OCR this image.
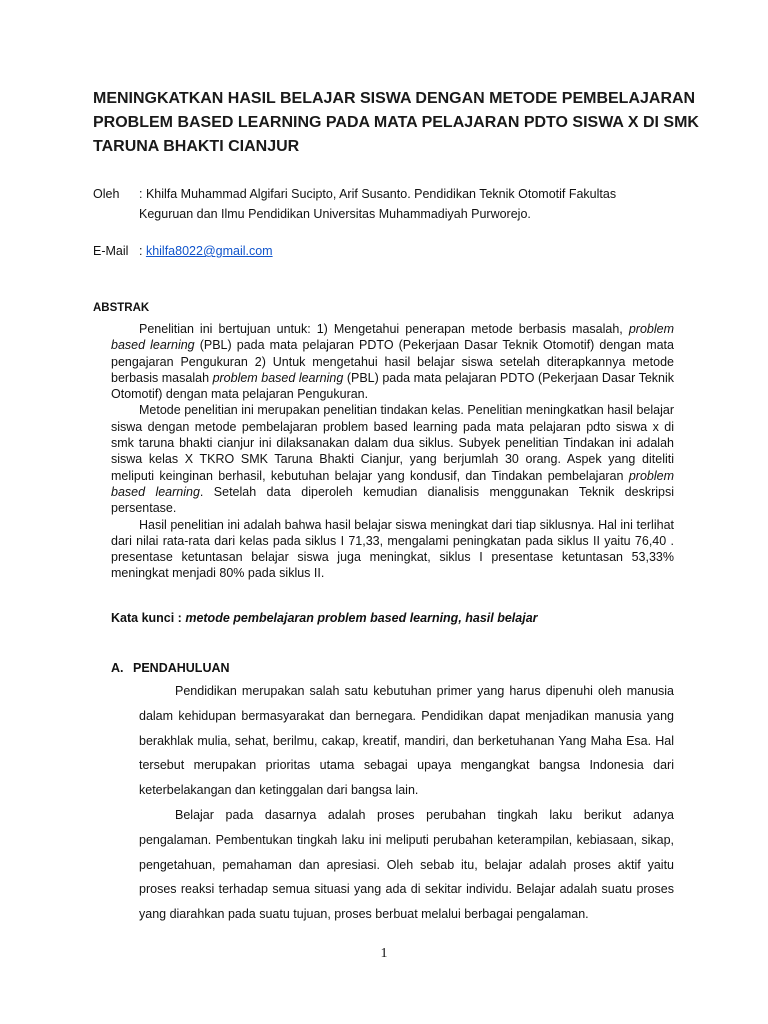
MENINGKATKAN HASIL BELAJAR SISWA DENGAN METODE PEMBELAJARAN
PROBLEM BASED LEARNING PADA MATA PELAJARAN PDTO SISWA X DI SMK
TARUNA BHAKTI CIANJUR
Oleh : Khilfa Muhammad Algifari Sucipto, Arif Susanto. Pendidikan Teknik Otomotif Fakultas
Keguruan dan Ilmu Pendidikan Universitas Muhammadiyah Purworejo.
E-Mail : khilfa8022@gmail.com
ABSTRAK

Penelitian ini bertujuan untuk: 1) Mengetahui penerapan metode berbasis masalah, problem based learning (PBL) pada mata pelajaran PDTO (Pekerjaan Dasar Teknik Otomotif) dengan mata pengajaran Pengukuran 2) Untuk mengetahui hasil belajar siswa setelah diterapkannya metode berbasis masalah problem based learning (PBL) pada mata pelajaran PDTO (Pekerjaan Dasar Teknik Otomotif) dengan mata pelajaran Pengukuran.

Metode penelitian ini merupakan penelitian tindakan kelas. Penelitian meningkatkan hasil belajar siswa dengan metode pembelajaran problem based learning pada mata pelajaran pdto siswa x di smk taruna bhakti cianjur ini dilaksanakan dalam dua siklus. Subyek penelitian Tindakan ini adalah siswa kelas X TKRO SMK Taruna Bhakti Cianjur, yang berjumlah 30 orang. Aspek yang diteliti meliputi keinginan berhasil, kebutuhan belajar yang kondusif, dan Tindakan pembelajaran problem based learning. Setelah data diperoleh kemudian dianalisis menggunakan Teknik deskripsi persentase.

Hasil penelitian ini adalah bahwa hasil belajar siswa meningkat dari tiap siklusnya. Hal ini terlihat dari nilai rata-rata dari kelas pada siklus I 71,33, mengalami peningkatan pada siklus II yaitu 76,40 . presentase ketuntasan belajar siswa juga meningkat, siklus I presentase ketuntasan 53,33% meningkat menjadi 80% pada siklus II.

Kata kunci : metode pembelajaran problem based learning, hasil belajar
A. PENDAHULUAN

Pendidikan merupakan salah satu kebutuhan primer yang harus dipenuhi oleh manusia dalam kehidupan bermasyarakat dan bernegara. Pendidikan dapat menjadikan manusia yang berakhlak mulia, sehat, berilmu, cakap, kreatif, mandiri, dan berketuhanan Yang Maha Esa. Hal tersebut merupakan prioritas utama sebagai upaya mengangkat bangsa Indonesia dari keterbelakangan dan ketinggalan dari bangsa lain.

Belajar pada dasarnya adalah proses perubahan tingkah laku berikut adanya pengalaman. Pembentukan tingkah laku ini meliputi perubahan keterampilan, kebiasaan, sikap, pengetahuan, pemahaman dan apresiasi. Oleh sebab itu, belajar adalah proses aktif yaitu proses reaksi terhadap semua situasi yang ada di sekitar individu. Belajar adalah suatu proses yang diarahkan pada suatu tujuan, proses berbuat melalui berbagai pengalaman.

1
